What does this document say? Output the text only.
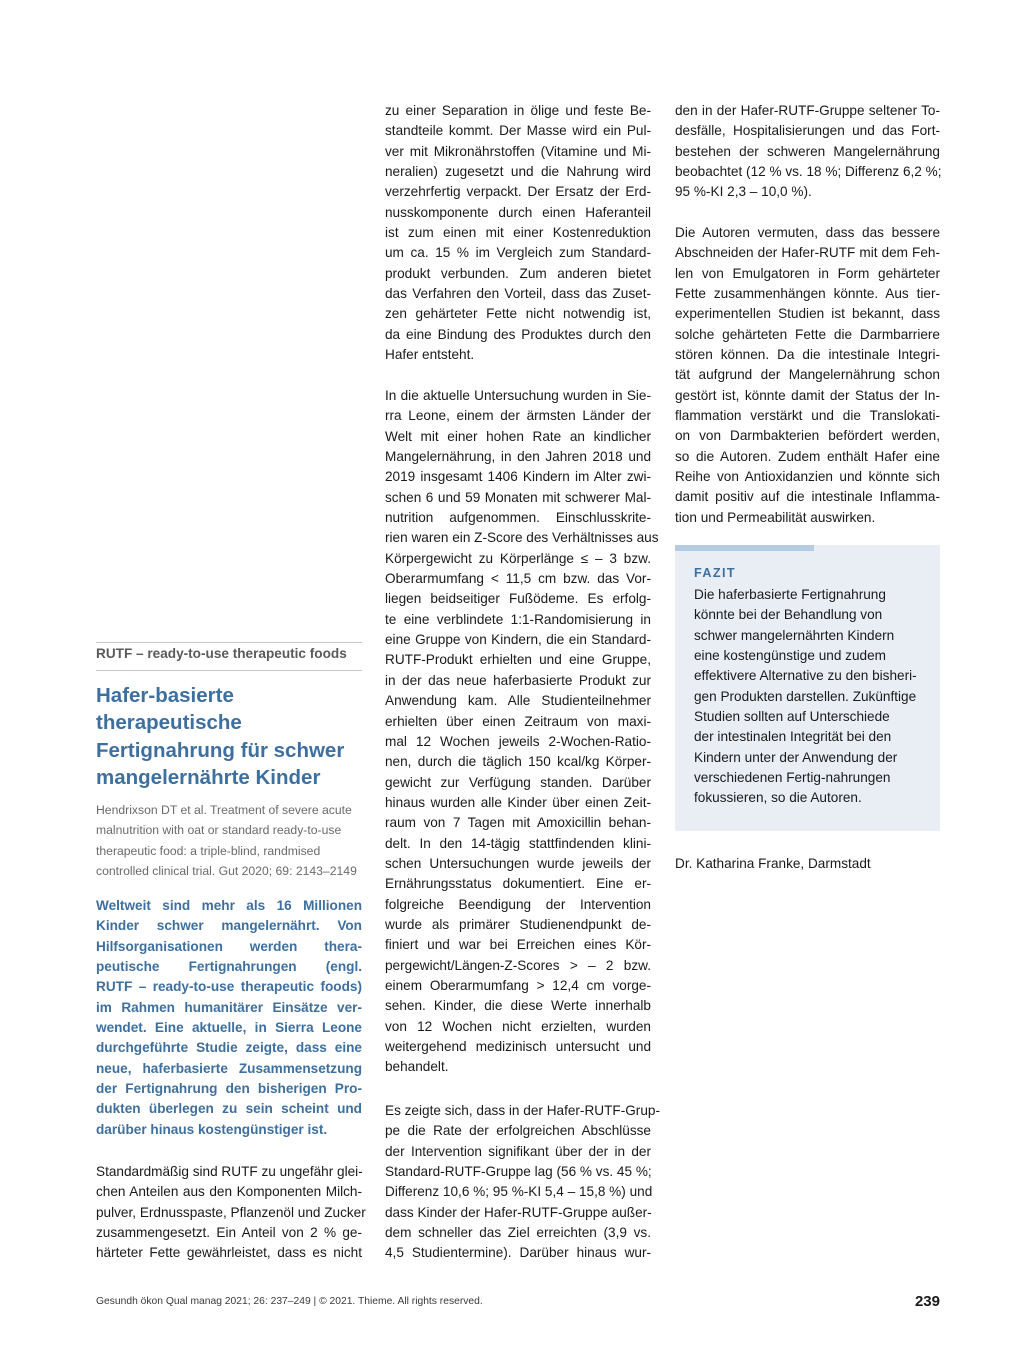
RUTF – ready-to-use therapeutic foods
Hafer-basierte
therapeutische
Fertignahrung für schwer
mangelernährte Kinder

Hendrixson DT et al. Treatment of severe acute
malnutrition with oat or standard ready-to-use
therapeutic food: a triple-blind, randmised
controlled clinical trial. Gut 2020; 69: 2143–2149

Weltweit sind mehr als 16 Millionen
Kinder schwer mangelernährt. Von
Hilfsorganisationen werden thera-
peutische Fertignahrungen (engl.
RUTF – ready-to-use therapeutic foods)
im Rahmen humanitärer Einsätze ver-
wendet. Eine aktuelle, in Sierra Leone
durchgeführte Studie zeigte, dass eine
neue, haferbasierte Zusammensetzung
der Fertignahrung den bisherigen Pro-
dukten überlegen zu sein scheint und
darüber hinaus kostengünstiger ist.

Standardmäßig sind RUTF zu ungefähr glei-
chen Anteilen aus den Komponenten Milch-
pulver, Erdnusspaste, Pflanzenöl und Zucker
zusammengesetzt. Ein Anteil von 2 % ge-
härteter Fette gewährleistet, dass es nicht

zu einer Separation in ölige und feste Be-
standteile kommt. Der Masse wird ein Pul-
ver mit Mikronährstoffen (Vitamine und Mi-
neralien) zugesetzt und die Nahrung wird
verzehrfertig verpackt. Der Ersatz der Erd-
nusskomponente durch einen Haferanteil
ist zum einen mit einer Kostenreduktion
um ca. 15 % im Vergleich zum Standard-
produkt verbunden. Zum anderen bietet
das Verfahren den Vorteil, dass das Zuset-
zen gehärteter Fette nicht notwendig ist,
da eine Bindung des Produktes durch den
Hafer entsteht.

In die aktuelle Untersuchung wurden in Sie-
rra Leone, einem der ärmsten Länder der
Welt mit einer hohen Rate an kindlicher
Mangelernährung, in den Jahren 2018 und
2019 insgesamt 1406 Kindern im Alter zwi-
schen 6 und 59 Monaten mit schwerer Mal-
nutrition aufgenommen. Einschlusskrite-
rien waren ein Z-Score des Verhältnisses aus
Körpergewicht zu Körperlänge ≤ – 3 bzw.
Oberarmumfang < 11,5 cm bzw. das Vor-
liegen beidseitiger Fußödeme. Es erfolg-
te eine verblindete 1:1-Randomisierung in
eine Gruppe von Kindern, die ein Standard-
RUTF-Produkt erhielten und eine Gruppe,
in der das neue haferbasierte Produkt zur
Anwendung kam. Alle Studienteilnehmer
erhielten über einen Zeitraum von maxi-
mal 12 Wochen jeweils 2-Wochen-Ratio-
nen, durch die täglich 150 kcal/kg Körper-
gewicht zur Verfügung standen. Darüber
hinaus wurden alle Kinder über einen Zeit-
raum von 7 Tagen mit Amoxicillin behan-
delt. In den 14-tägig stattfindenden klini-
schen Untersuchungen wurde jeweils der
Ernährungsstatus dokumentiert. Eine er-
folgreiche Beendigung der Intervention
wurde als primärer Studienendpunkt de-
finiert und war bei Erreichen eines Kör-
pergewicht/Längen-Z-Scores > – 2 bzw.
einem Oberarmumfang > 12,4 cm vorge-
sehen. Kinder, die diese Werte innerhalb
von 12 Wochen nicht erzielten, wurden
weitergehend medizinisch untersucht und
behandelt.

Es zeigte sich, dass in der Hafer-RUTF-Grup-
pe die Rate der erfolgreichen Abschlüsse
der Intervention signifikant über der in der
Standard-RUTF-Gruppe lag (56 % vs. 45 %;
Differenz 10,6 %; 95 %-KI 5,4 – 15,8 %) und
dass Kinder der Hafer-RUTF-Gruppe außer-
dem schneller das Ziel erreichten (3,9 vs.
4,5 Studientermine). Darüber hinaus wur-

den in der Hafer-RUTF-Gruppe seltener To-
desfälle, Hospitalisierungen und das Fort-
bestehen der schweren Mangelernährung
beobachtet (12 % vs. 18 %; Differenz 6,2 %;
95 %-KI 2,3 – 10,0 %).

Die Autoren vermuten, dass das bessere
Abschneiden der Hafer-RUTF mit dem Feh-
len von Emulgatoren in Form gehärteter
Fette zusammenhängen könnte. Aus tier-
experimentellen Studien ist bekannt, dass
solche gehärteten Fette die Darmbarriere
stören können. Da die intestinale Integri-
tät aufgrund der Mangelernährung schon
gestört ist, könnte damit der Status der In-
flammation verstärkt und die Translokati-
on von Darmbakterien befördert werden,
so die Autoren. Zudem enthält Hafer eine
Reihe von Antioxidanzien und könnte sich
damit positiv auf die intestinale Inflamma-
tion und Permeabilität auswirken.

FAZIT

Die haferbasierte Fertignahrung
könnte bei der Behandlung von
schwer mangelernährten Kindern
eine kostengünstige und zudem
effektivere Alternative zu den bisheri-
gen Produkten darstellen. Zukünftige
Studien sollten auf Unterschiede
der intestinalen Integrität bei den
Kindern unter der Anwendung der
verschiedenen Fertig-nahrungen
fokussieren, so die Autoren.

Dr. Katharina Franke, Darmstadt
Gesundh ökon Qual manag 2021; 26: 237–249 | © 2021. Thieme. All rights reserved.	239
